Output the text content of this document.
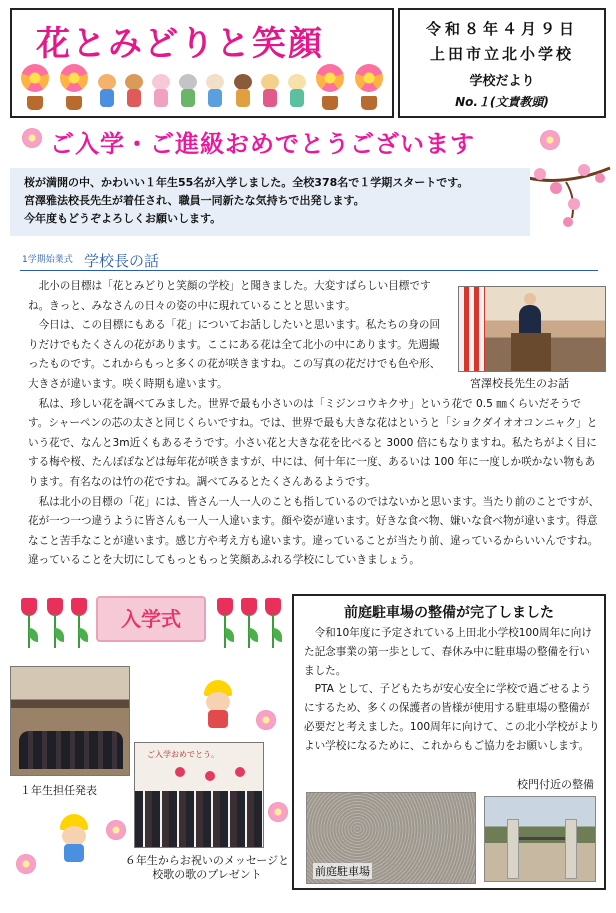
花とみどりと笑顔	令和８年４月９日
上田市立北小学校
学校だより
No.１(文責教頭)
ご入学・ご進級おめでとうございます
桜が満開の中、かわいい１年生55名が入学しました。全校378名で１学期スタートです。
宮澤雅法校長先生が着任され、職員一同新たな気持ちで出発します。
今年度もどうぞよろしくお願いします。
1学期始業式 学校長の話

北小の目標は「花とみどりと笑顔の学校」と聞きました。大変すばらしい目標ですね。きっと、みなさんの日々の姿の中に現れていることと思います。

今日は、この目標にもある「花」についてお話ししたいと思います。私たちの身の回りだけでもたくさんの花があります。ここにある花は全て北小の中にあります。先週撮ったものです。これからもっと多くの花が咲きますね。この写真の花だけでも色や形、大きさが違います。咲く時期も違います。

私は、珍しい花を調べてみました。世界で最も小さいのは「ミジンコウキクサ」という花で 0.5 ㎜くらいだそうです。シャーペンの芯の太さと同じくらいですね。では、世界で最も大きな花はというと「ショクダイオオコンニャク」という花で、なんと3m近くもあるそうです。小さい花と大きな花を比べると 3000 倍にもなりますね。私たちがよく目にする梅や桜、たんぽぽなどは毎年花が咲きますが、中には、何十年に一度、あるいは 100 年に一度しか咲かない物もあります。有名なのは竹の花ですね。調べてみるとたくさんあるようです。

私は北小の目標の「花」には、皆さん一人一人のことも指しているのではないかと思います。当たり前のことですが、花が一つ一つ違うように皆さんも一人一人違います。顔や姿が違います。好きな食べ物、嫌いな食べ物が違います。得意なこと苦手なことが違います。感じ方や考え方も違います。違っていることが当たり前、違っているからいいんですね。違っていることを大切にしてもっともっと笑顔あふれる学校にしていきましょう。

宮澤校長先生のお話
入学式
１年生担任発表
ご入学おめでとう。
６年生からお祝いのメッセージと校歌の歌のプレゼント
前庭駐車場の整備が完了しました

令和10年度に予定されている上田北小学校100周年に向けた記念事業の第一歩として、春休み中に駐車場の整備を行いました。

PTA として、子どもたちが安心安全に学校で過ごせるようにするため、多くの保護者の皆様が使用する駐車場の整備が必要だと考えました。100周年に向けて、この北小学校がよりよい学校になるために、これからもご協力をお願いします。

校門付近の整備
前庭駐車場
